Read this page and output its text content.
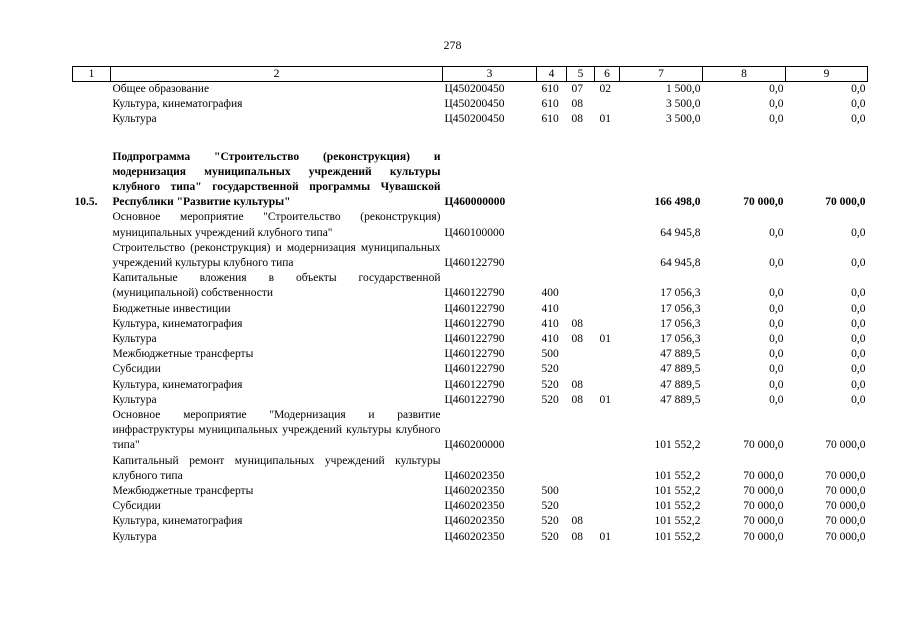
278
1	2	3	4	5	6	7	8	9
	Общее образование	Ц450200450	610	07	02	1 500,0	0,0	0,0
	Культура, кинематография	Ц450200450	610	08		3 500,0	0,0	0,0
	Культура	Ц450200450	610	08	01	3 500,0	0,0	0,0

10.5.	Подпрограмма "Строительство (реконструкция) и модернизация муниципальных учреждений культуры клубного типа" государственной программы Чувашской Республики "Развитие культуры"	Ц460000000				166 498,0	70 000,0	70 000,0
	Основное мероприятие "Строительство (реконструкция) муниципальных учреждений клубного типа"	Ц460100000				64 945,8	0,0	0,0
	Строительство (реконструкция) и модернизация муниципальных учреждений культуры клубного типа	Ц460122790				64 945,8	0,0	0,0
	Капитальные вложения в объекты государственной (муниципальной) собственности	Ц460122790	400			17 056,3	0,0	0,0
	Бюджетные инвестиции	Ц460122790	410			17 056,3	0,0	0,0
	Культура, кинематография	Ц460122790	410	08		17 056,3	0,0	0,0
	Культура	Ц460122790	410	08	01	17 056,3	0,0	0,0
	Межбюджетные трансферты	Ц460122790	500			47 889,5	0,0	0,0
	Субсидии	Ц460122790	520			47 889,5	0,0	0,0
	Культура, кинематография	Ц460122790	520	08		47 889,5	0,0	0,0
	Культура	Ц460122790	520	08	01	47 889,5	0,0	0,0
	Основное мероприятие "Модернизация и развитие инфраструктуры муниципальных учреждений культуры клубного типа"	Ц460200000				101 552,2	70 000,0	70 000,0
	Капитальный ремонт муниципальных учреждений культуры клубного типа	Ц460202350				101 552,2	70 000,0	70 000,0
	Межбюджетные трансферты	Ц460202350	500			101 552,2	70 000,0	70 000,0
	Субсидии	Ц460202350	520			101 552,2	70 000,0	70 000,0
	Культура, кинематография	Ц460202350	520	08		101 552,2	70 000,0	70 000,0
	Культура	Ц460202350	520	08	01	101 552,2	70 000,0	70 000,0
